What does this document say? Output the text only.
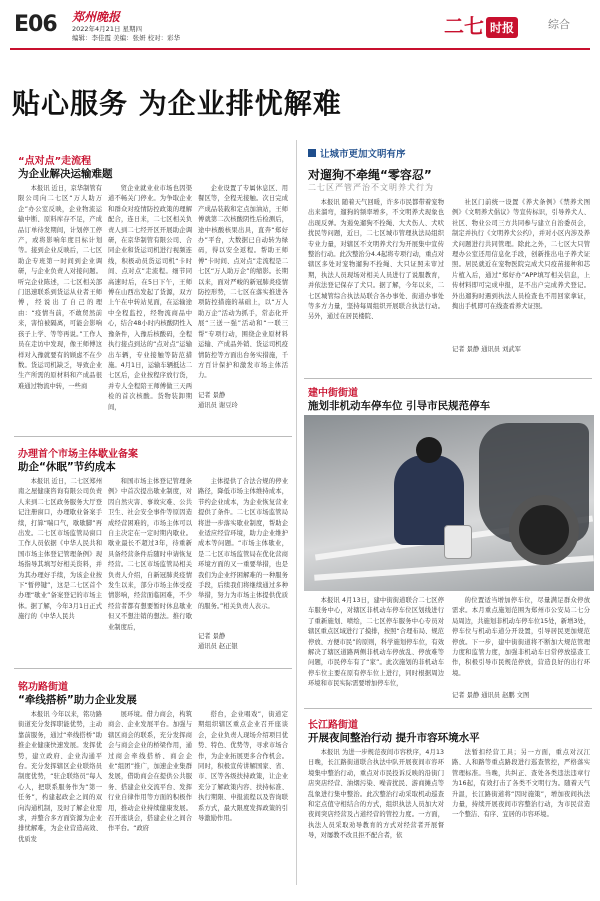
E06 郑州晚报
2022年4月21日 星期四
编辑：李佳霞 美编：张妍 校对：彩华	二七 时报	综合
贴心服务 为企业排忧解难
“点对点”走流程
为企业解决运输难题

本报讯 近日，京华制管有限公司向二七区“万人助万企”办公室反映，企业物流运输中断、原料库存不足，产成品订单待发期间，计划停工停产，或将影响年度目标计划等。接到企业反映后，二七区助企专班第一时间到企业调研，与企业负责人对接问题。听完企业陈述，二七区相关部门迅速联系到货运从业者王师傅，经说出了自己的理由：“疫情当前，不敢贸然前来，害怕被隔离，可能会影响孩子上学、等等再说。”工作人员在走访中发现，像王师傅这样对入豫就要有的顾虑不在少数。货运司机缺乏，导致企业生产所需的原材料和产成品很难通过物流中转，一些商

贸企业就业业市场也因渠道不畅关门停业。为争取企业和群众对疫情防控政策的理解配合，连日来，二七区相关负责人到二七经开区开展助企调研，在京华制管有限公司、合同企业和货运司机进行视频连线，积极动员货运司机“卡时间、点对点”走流程。细节同高速时后，在5日下午，王师傅在山西出发起了货源，双方上午在中转站见面，在运输途中全程监控，经物流商品中心，结合48小时内核酸阴性入豫条件，入豫后核酸码，全程执行接点到达的“点对点”运输出车辆，专业接触等防范措施。4月1日，运输车辆抵达二七区后，企业按程序放行货，并专人全程陪王师傅做三天两检的首次核酸。货物装卸期间，

企业设置了专属休息区、用餐区等，全程无接触。次日完成产成品装载和定点加油站，王师傅就第二次核酸阴性后检测后，途中核酸核果出具，直奔“郑好办”平台，大数据已自动转为绿码，得以安全返程。帮助王师傅“卡时间、点对点”走流程是二七区“万人助万企”的缩影。长期以来，面对严峻的新冠肺炎疫情防控形势，二七区在落实推进各项防控措施的基础上，以“万人助万企”活动为抓手，常态化开展“三送一强”活动和“一联三帮”专项行动，围绕企业原材料运输、产成品外销、货运司机疫情防控等方面出台务实措施，千方百计保护和激发市场主体活力。

记者 景静
通讯员 谢豆玲
办理首个市场主体歇业备案
助企“休眠”节约成本

本报讯 近日，二七区郑州南之屋健康咨询有限公司负责人来到二七区政务服务大厅登记注册窗口，办理歇业备案手续，打算“喘口气，歇歇脚”再出发。二七区市场监管局窗口工作人员依据《中华人民共和国市场主体登记管理条例》现场指导其填写好相关资料，并为其办理好手续，为该企业按下“暂停键”，这是二七区首个办理“歇业”备案登记的市场主体。据了解，今年3月1日正式施行的《中华人民共

和国市场主体登记管理条例》中首次提出歇业制度，对因自然灾害、事故灾难、公共卫生、社会安全事件等原因造成经营困难的，市场主体可以自主决定在一定时期内歇业。歇业最长不超过3年，待重新具备经营条件后随时申请恢复经营。二七区市场监管局相关负责人介绍，自新冠肺炎疫情发生以来，部分市场主体受疫情影响，经营面临困难，不少经营者都有想要暂时休息歇业但又不想注销的想法。推行歇业制度后，

主体提供了合法合规的停业路径，降低市场主体维持成本，节约企业成本，为企业恢复营业提供了条件。二七区市场监管局将进一步落实歇业制度，帮助企业适应经营环境，助力企业维护成本等问题。“市场主体歇业，是二七区市场监管局在优化营商环境方面的又一重要举措，也是我们为企业纾困解难的一种服务手段，后续我们将继续通过多种举措，努力为市场主体提供优质的服务。”相关负责人表示。

记者 景静
通讯员 赵正银
铭功路街道
“牵线搭桥”助力企业发展

本报讯 今年以来，铭功路街道充分发挥职能优势，主动靠前服务，通过“牵线搭桥”助推企业健康快速发展。发挥优势，建立政府、企业沟通平台。充分发挥辖区企业联络员制度优势，“驻企联络员”每人心人，把联系服务作为“第一任务”，构建起政企之间的双向沟通机制，及时了解企业需求，并整合多方面资源为企业排忧解难，为企业营造高效、优质发

展环境。借力商会，构筑商会、企业发展平台。加强与辖区商会的联系，充分发挥商会与商会企业的桥梁作用，通过商会牵线搭桥、商会企业“组团”推广，加速企业集群发展，借助商会在提供公共服务、搭建企业交流平台、发挥行业自律作用等方面的积极作用，推动企业持续健康发展。召开座谈会，搭建企业之间合作平台。“政府

搭台，企业唱戏”，街道定期组织辖区重点企业召开座谈会，企业负责人现场介绍项目优势、特色、优势等，寻求市场合作，为企业拓展更多合作机会。同时，积极宣传讲解国家、省、市、区等各级扶持政策，让企业充分了解政策内容、扶持标准、执行期限、申报流程以及咨询联系方式，最大限度发挥政策的引导激励作用。

让城市更加文明有序
对遛狗不牵绳“零容忍”
二七区严管严治不文明养犬行为

本报讯 随着天气回暖，许多市民都带着宠物出来溜弯，遛狗的频率增多，不文明养犬现象也出现反弹。为遏免遛狗不拴绳、大犬伤人、犬吠扰民等问题，近日，二七区城市管理执法局组织专业力量，对辖区不文明养犬行为开展集中宣传整治行动。此次整治分4.4起将专项行动，重点对辖区多处对宠物遛狗不拴绳、大只证照未审过期，执法人员现场对相关人员进行了说服教育，并依法登记保存了犬只。据了解，今年以来，二七区城管综合执法局联合各办事处、街道办事处等多方力量，坚持每周组织开展联合执法行动。另外，通过在居民楼院、

社区门前统一设置《养犬条例》《禁养犬图例》《文明养犬倡议》等宣传标识，引导养犬人、社区、物业公司三方共同参与建立自治委员会，制定并执行《文明养犬公约》，并对小区内涉及养犬问题进行共同管理。除此之外，二七区大只管理办公室还用信息化手段，创新推出电子养犬证照。居民就近在宠物医院完成犬只疫苗接种和芯片植入后，通过“郑好办”APP填写相关信息，上传材料即可完成申报，足不出户完成养犬登记。外出遛狗时遇到执法人员检查也不用回家拿证，掏出手机即可在线查看养犬证照。

记者 景静 通讯员 刘武军
建中街街道
施划非机动车停车位 引导市民规范停车

本报讯 4月13日，建中街街道联合二七区停车服务中心，对辖区非机动车停车位区划线进行了重新施划、喷绘，二七区停车服务中心专员对辖区重点区域进行了摸排，按照“合理布局、规范停放、方便市民”的原则，科学施划停车位，有效解决了辖区道路两侧非机动车停放乱、停放难等问题，市民停车有了“家”。此次施划的非机动车停车位主要在原有停车位上进行，同时根据周边环境和市民实际需要增加停车位，

的位置适当增加停车位，尽量满足群众停放需求。本月重点施划范围为郑州市公安局二七分局周边，共施划非机动车停车位15处，新增3处，停车位与机动车道分开设置，引导居民更加规范停放。下一步，建中街街道将不断加大规范管理力度和监管力度，加强非机动车日常停放巡查工作，积极引导市民规范停放，营造良好的出行环境。

记者 景静 通讯员 赵鹏 文图
长江路街道
开展夜间整治行动 提升市容环境水平

本报讯 为进一步规范夜间市容秩序，4月13日晚，长江路街道联合执法中队开展夜间市容环境集中整治行动，重点对市民投诉反映的沿街门店突店经营、油烟污染、噪音扰民、游商摊点等乱象进行集中整治。此次整治行动采取机动巡查和定点值守相结合的方式，组织执法人员加大对夜间突店经营及占道经营的管控力度。一方面，执法人员采取劝导教育的方式对经营者开展督导，对屡教不改且拒不配合者，依

法暂扣经营工具；另一方面，重点对汉江路、人和路等重点路段进行巡查管控，严格落实管理标准。当晚，共纠正、查处各类违法违章行为16起，有效打击了各类不文明行为。随着天气升温，长江路街道将“因时施策”，增加夜间执法力量，持续开展夜间市容整治行动，为市民营造一个整洁、有序、宜居的市容环境。
